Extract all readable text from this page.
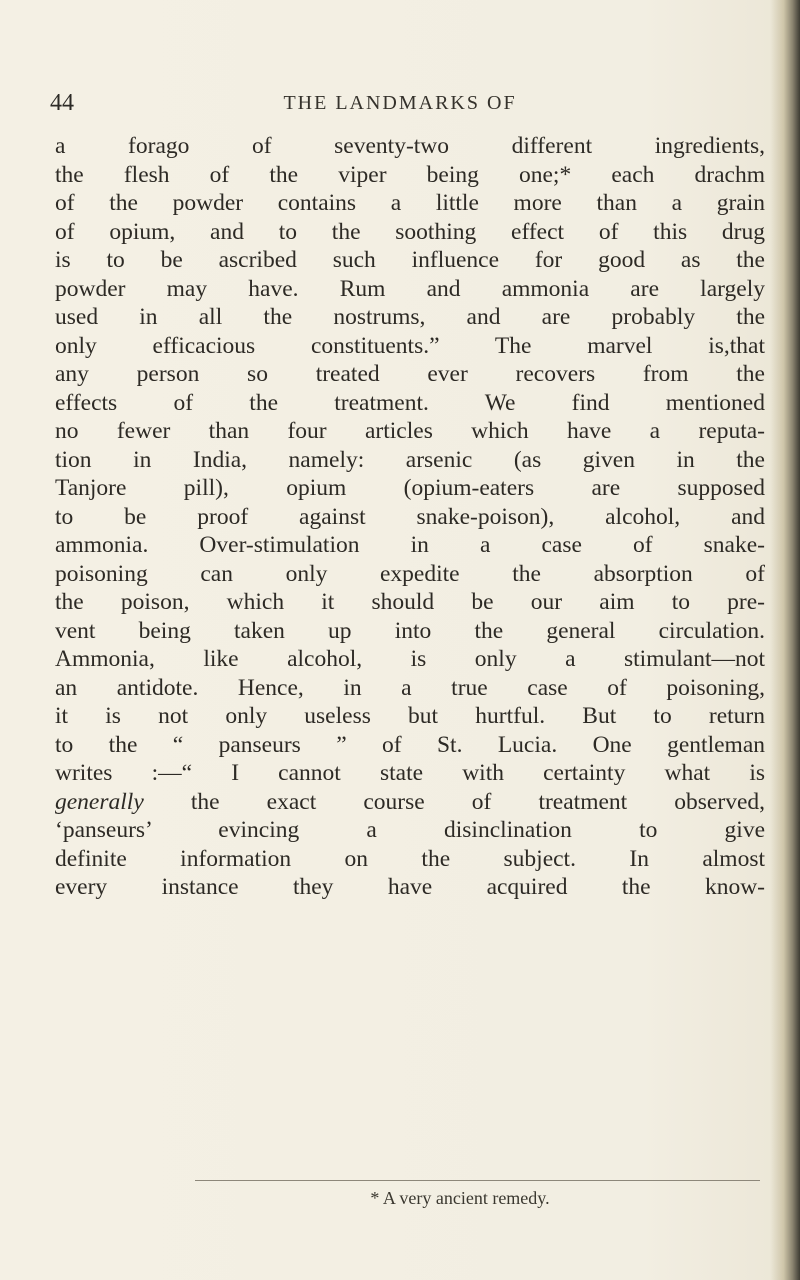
44	THE LANDMARKS OF
a forago of seventy-two different ingredients,
the flesh of the viper being one;* each drachm
of the powder contains a little more than a grain
of opium, and to the soothing effect of this drug
is to be ascribed such influence for good as the
powder may have. Rum and ammonia are largely
used in all the nostrums, and are probably the
only efficacious constituents.” The marvel is,that
any person so treated ever recovers from the
effects of the treatment. We find mentioned
no fewer than four articles which have a reputa-
tion in India, namely: arsenic (as given in the
Tanjore pill), opium (opium-eaters are supposed
to be proof against snake-poison), alcohol, and
ammonia. Over-stimulation in a case of snake-
poisoning can only expedite the absorption of
the poison, which it should be our aim to pre-
vent being taken up into the general circulation.
Ammonia, like alcohol, is only a stimulant—not
an antidote. Hence, in a true case of poisoning,
it is not only useless but hurtful. But to return
to the “ panseurs ” of St. Lucia. One gentleman
writes :—“ I cannot state with certainty what is
generally the exact course of treatment observed,
‘panseurs’ evincing a disinclination to give
definite information on the subject. In almost
every instance they have acquired the know-
* A very ancient remedy.
